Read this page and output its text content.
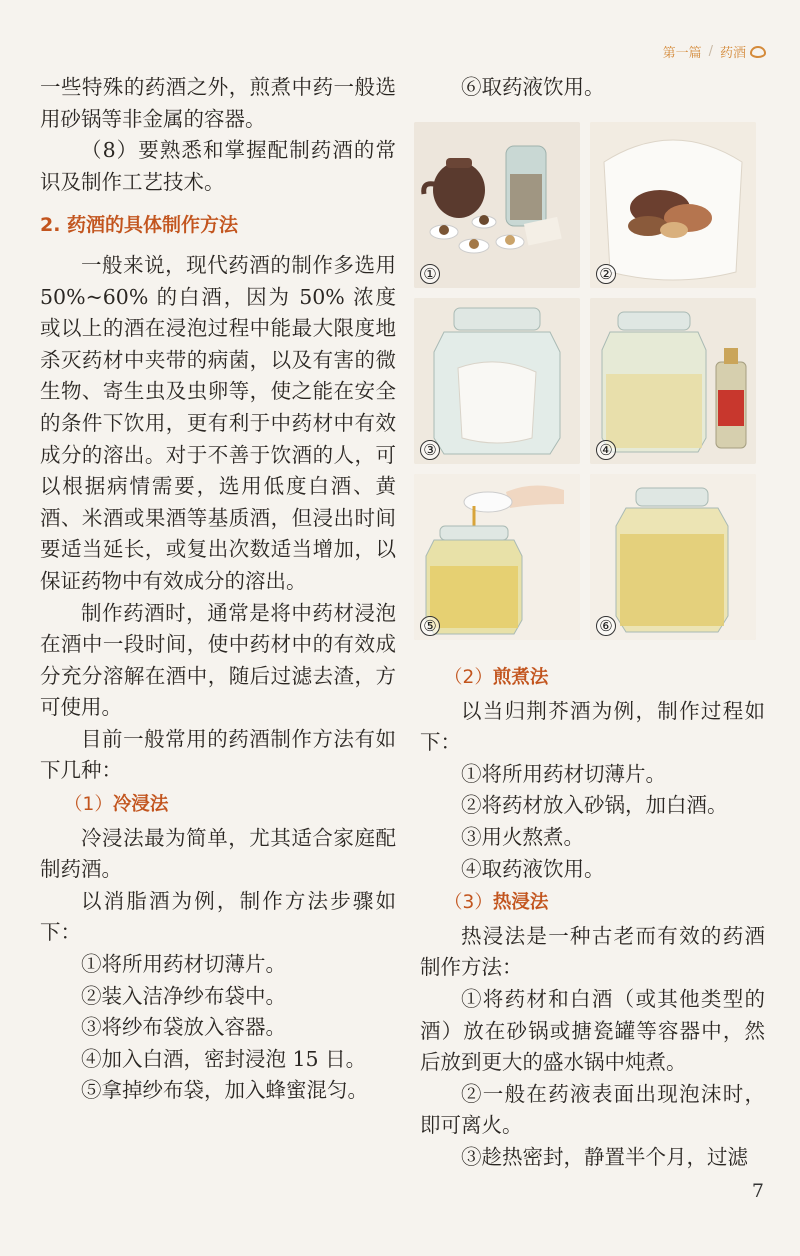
第一篇 / 药酒

一些特殊的药酒之外，煎煮中药一般选用砂锅等非金属的容器。

（8）要熟悉和掌握配制药酒的常识及制作工艺技术。

2. 药酒的具体制作方法

一般来说，现代药酒的制作多选用 50%~60% 的白酒，因为 50% 浓度或以上的酒在浸泡过程中能最大限度地杀灭药材中夹带的病菌，以及有害的微生物、寄生虫及虫卵等，使之能在安全的条件下饮用，更有利于中药材中有效成分的溶出。对于不善于饮酒的人，可以根据病情需要，选用低度白酒、黄酒、米酒或果酒等基质酒，但浸出时间要适当延长，或复出次数适当增加，以保证药物中有效成分的溶出。

制作药酒时，通常是将中药材浸泡在酒中一段时间，使中药材中的有效成分充分溶解在酒中，随后过滤去渣，方可使用。

目前一般常用的药酒制作方法有如下几种：

（1）冷浸法

冷浸法最为简单，尤其适合家庭配制药酒。

以消脂酒为例，制作方法步骤如下：

①将所用药材切薄片。

②装入洁净纱布袋中。

③将纱布袋放入容器。

④加入白酒，密封浸泡 15 日。

⑤拿掉纱布袋，加入蜂蜜混匀。

⑥取药液饮用。

①	②
③	④
⑤	⑥
（2）煎煮法

以当归荆芥酒为例，制作过程如下：

①将所用药材切薄片。

②将药材放入砂锅，加白酒。

③用火熬煮。

④取药液饮用。

（3）热浸法

热浸法是一种古老而有效的药酒制作方法：

①将药材和白酒（或其他类型的酒）放在砂锅或搪瓷罐等容器中，然后放到更大的盛水锅中炖煮。

②一般在药液表面出现泡沫时，即可离火。

③趁热密封，静置半个月，过滤

7
